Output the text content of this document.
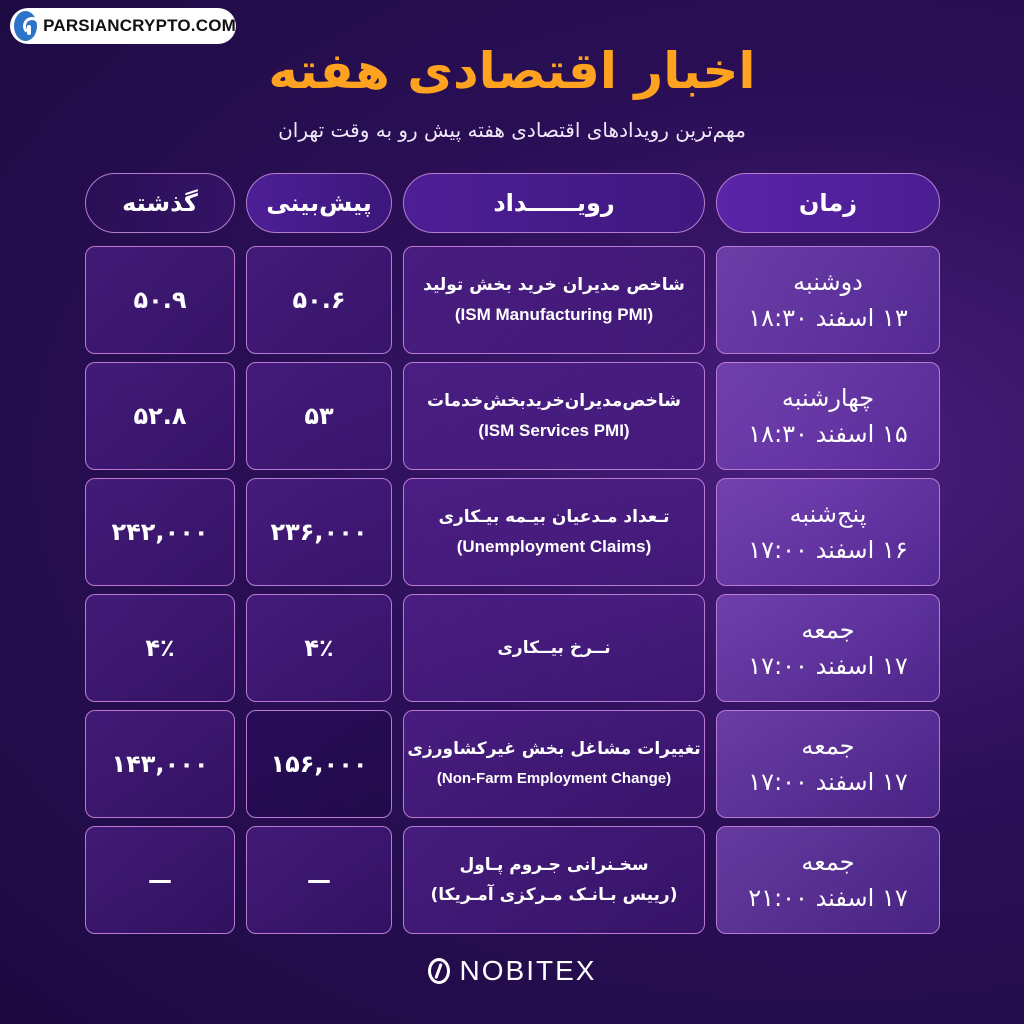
PARSIANCRYPTO.COM
اخبار اقتصادی هفته
مهم‌ترین رویدادهای اقتصادی هفته پیش رو به وقت تهران
زمان
رویــــــداد
پیش‌بینی
گذشته
دوشنبه
۱۳ اسفند ۱۸:۳۰
شاخص مدیران خرید بخش تولید
(ISM Manufacturing PMI)
۵۰.۶
۵۰.۹
چهارشنبه
۱۵ اسفند ۱۸:۳۰
شاخص‌مدیران‌خرید‌بخش‌خدمات
(ISM Services PMI)
۵۳
۵۲.۸
پنج‌شنبه
۱۶ اسفند ۱۷:۰۰
تـعداد مـدعیان بیـمه بیـکاری
(Unemployment Claims)
۲۳۶,۰۰۰
۲۴۲,۰۰۰
جمعه
۱۷ اسفند ۱۷:۰۰
نــرخ بیــکاری
۴٪
۴٪
جمعه
۱۷ اسفند ۱۷:۰۰
تغییرات مشاغل بخش غیرکشاورزی
(Non-Farm Employment Change)
۱۵۶,۰۰۰
۱۴۳,۰۰۰
جمعه
۱۷ اسفند ۲۱:۰۰
سخـنرانی جـروم پـاول
(رییس بـانـک مـرکزی آمـریکا)
—
—
NOBITEX
